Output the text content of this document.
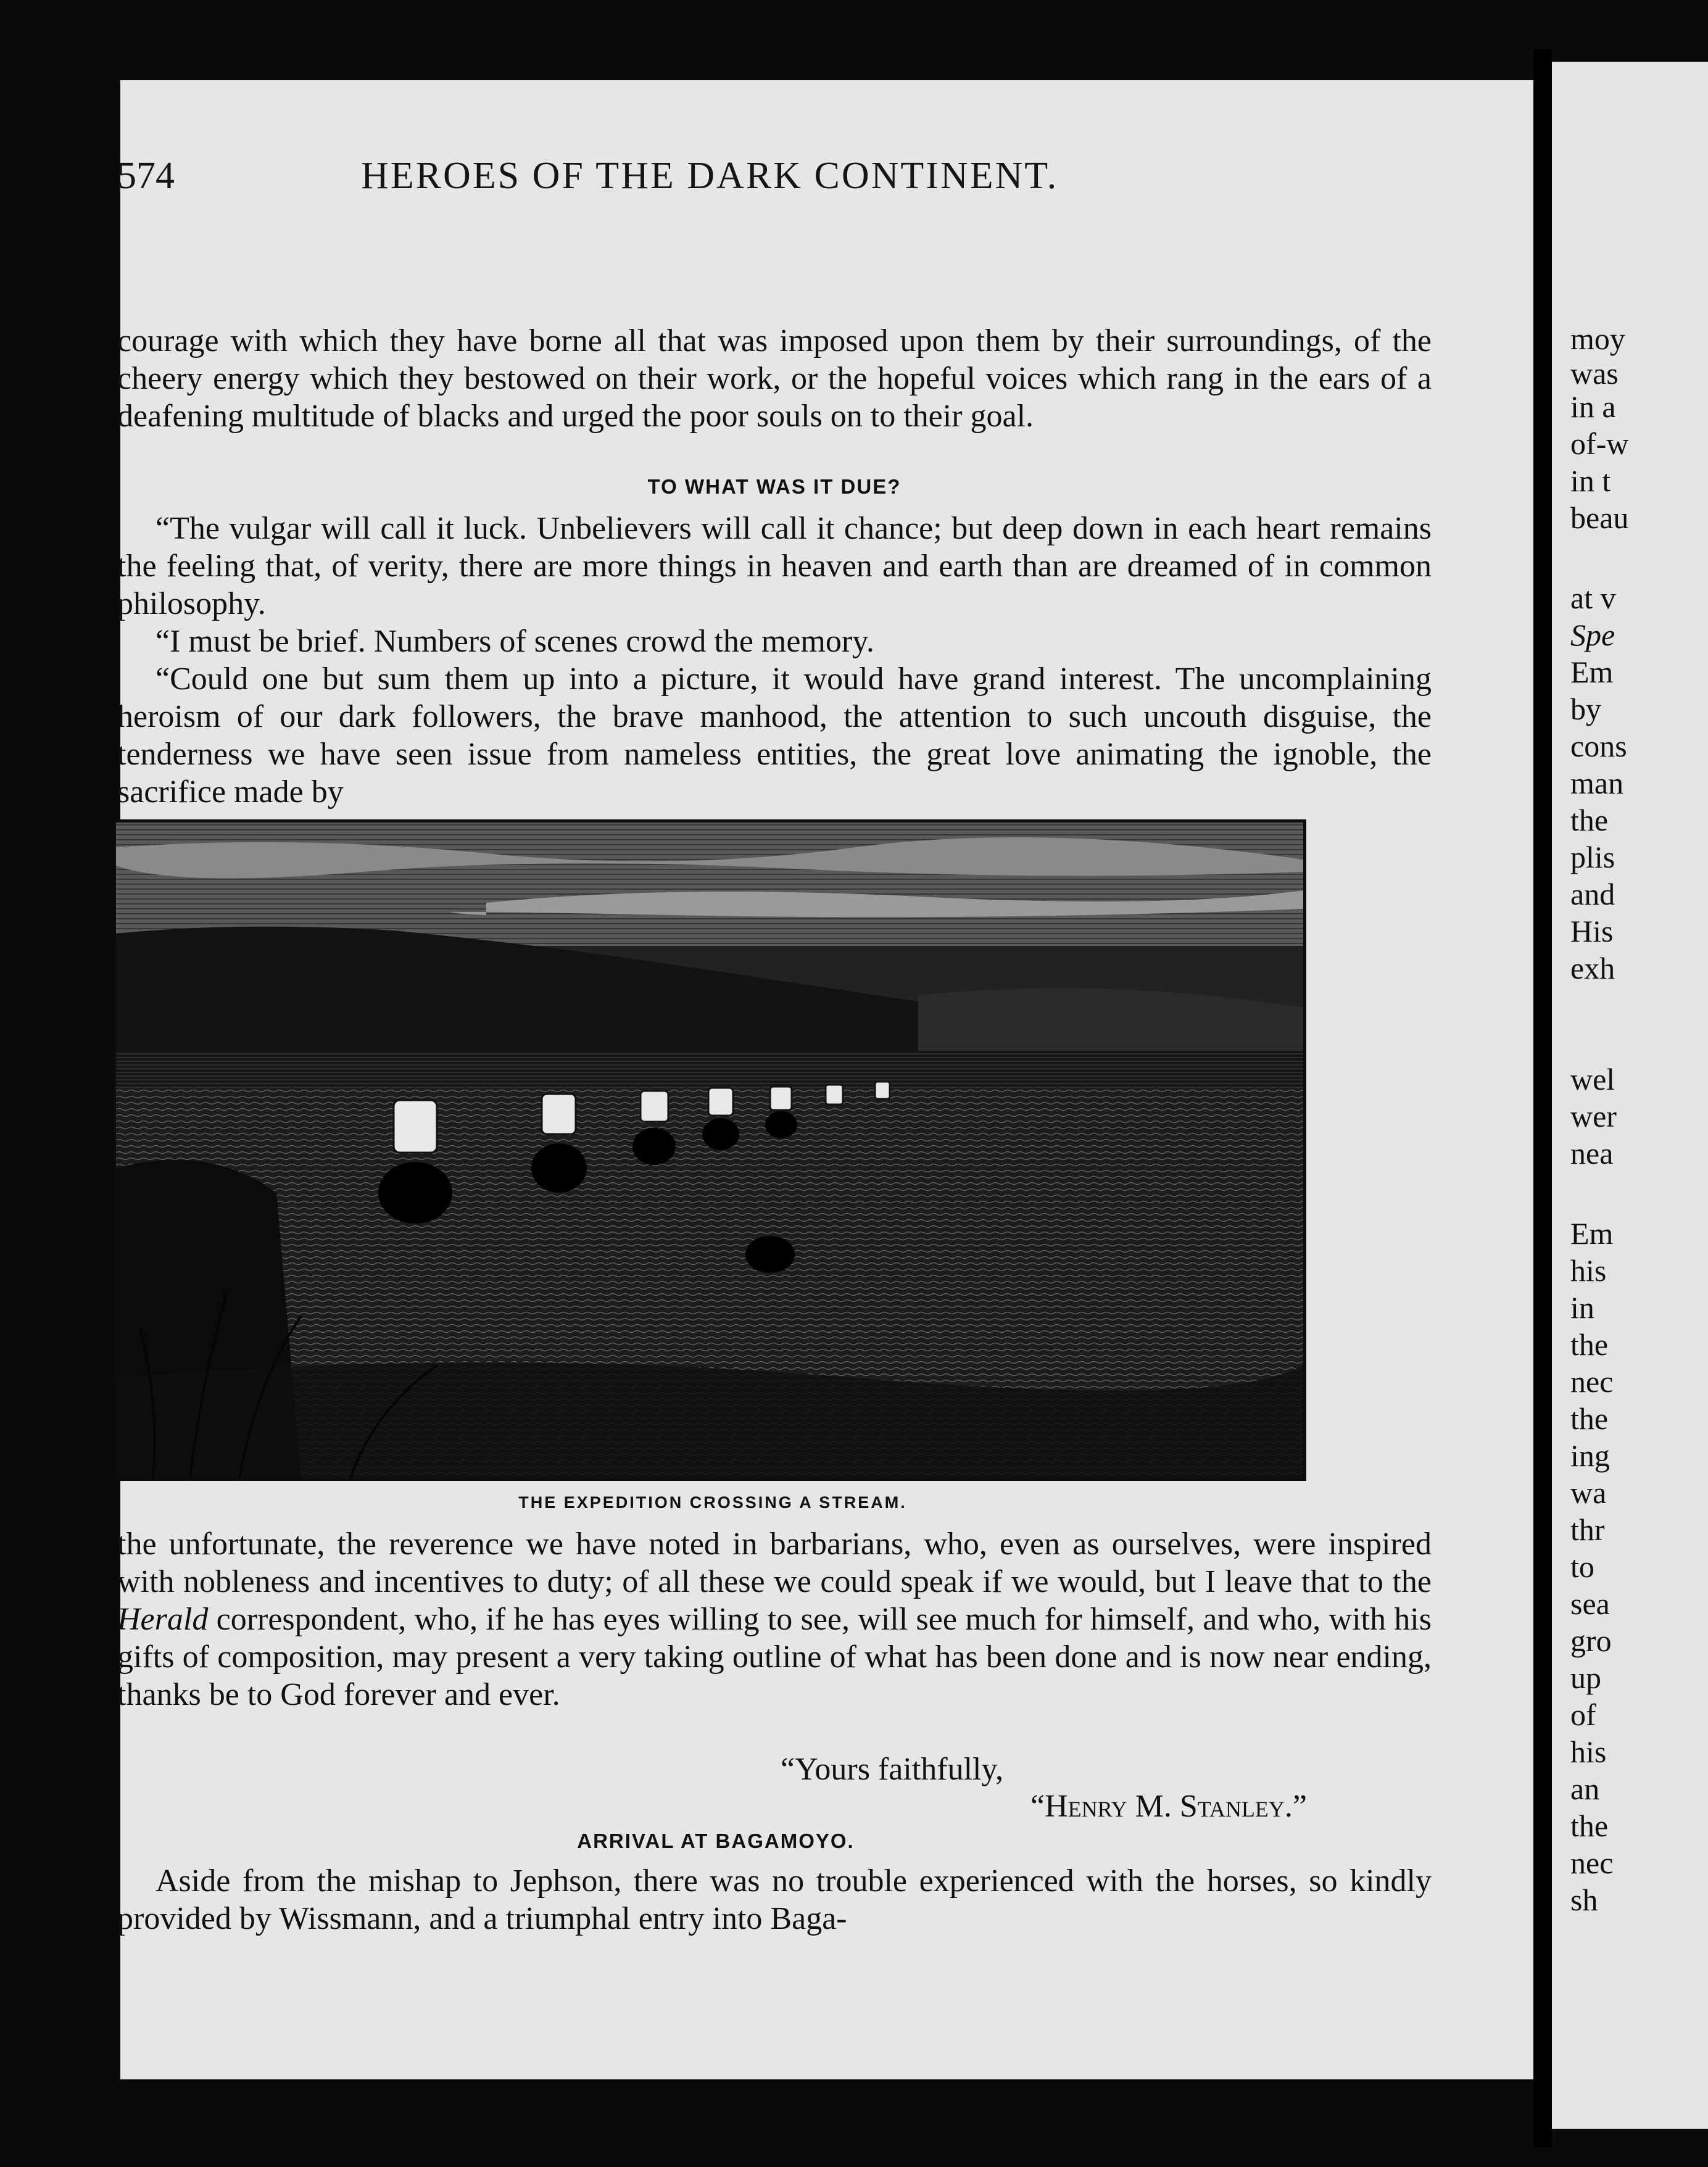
moy
was
in a
of-w
in t
beau
at v
Spe
Em
by
cons
man
the
plis
and
His
exh
wel
wer
nea
Em
his
in
the
nec
the
ing
wa
thr
to
sea
gro
up
of
his
an
the
nec
sh
574	HEROES OF THE DARK CONTINENT.

courage with which they have borne all that was imposed upon them by their surroundings, of the cheery energy which they bestowed on their work, or the hopeful voices which rang in the ears of a deafening multitude of blacks and urged the poor souls on to their goal.

TO WHAT WAS IT DUE?

“The vulgar will call it luck. Unbelievers will call it chance; but deep down in each heart remains the feeling that, of verity, there are more things in heaven and earth than are dreamed of in common philosophy.

“I must be brief. Numbers of scenes crowd the memory.

“Could one but sum them up into a picture, it would have grand interest. The uncomplaining heroism of our dark followers, the brave manhood, the attention to such uncouth disguise, the tenderness we have seen issue from nameless entities, the great love animating the ignoble, the sacrifice made by

THE EXPEDITION CROSSING A STREAM.

the unfortunate, the reverence we have noted in barbarians, who, even as ourselves, were inspired with nobleness and incentives to duty; of all these we could speak if we would, but I leave that to the Herald correspondent, who, if he has eyes willing to see, will see much for himself, and who, with his gifts of composition, may present a very taking outline of what has been done and is now near ending, thanks be to God forever and ever.

“Yours faithfully,
“Henry M. Stanley.”
ARRIVAL AT BAGAMOYO.

Aside from the mishap to Jephson, there was no trouble experienced with the horses, so kindly provided by Wissmann, and a triumphal entry into Baga-
